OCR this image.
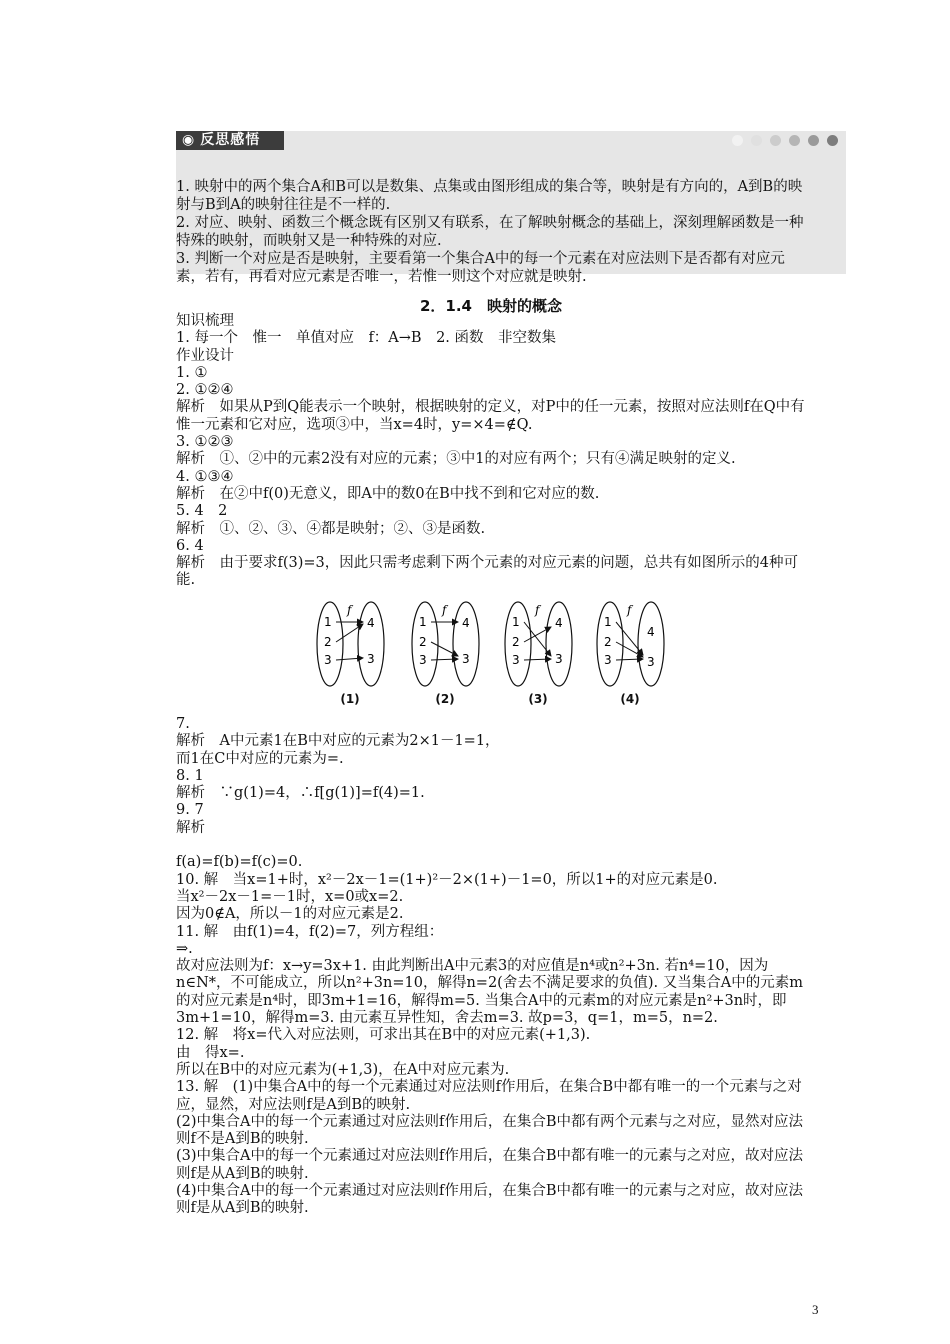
◉ 反思感悟

1. 映射中的两个集合A和B可以是数集、点集或由图形组成的集合等，映射是有方向的，A到B的映射与B到A的映射往往是不一样的.

2. 对应、映射、函数三个概念既有区别又有联系，在了解映射概念的基础上，深刻理解函数是一种特殊的映射，而映射又是一种特殊的对应.

3. 判断一个对应是否是映射，主要看第一个集合A中的每一个元素在对应法则下是否都有对应元素，若有，再看对应元素是否唯一，若惟一则这个对应就是映射.

2．1.4　映射的概念

知识梳理

1. 每一个　惟一　单值对应　f：A→B　2. 函数　非空数集

作业设计

1. ①

2. ①②④

解析　如果从P到Q能表示一个映射，根据映射的定义，对P中的任一元素，按照对应法则f在Q中有惟一元素和它对应，选项③中，当x=4时，y=×4=∉Q.

3. ①②③

解析　①、②中的元素2没有对应的元素；③中1的对应有两个；只有④满足映射的定义.

4. ①③④

解析　在②中f(0)无意义，即A中的数0在B中找不到和它对应的数.

5. 4　2

解析　①、②、③、④都是映射；②、③是函数.

6. 4

解析　由于要求f(3)=3，因此只需考虑剩下两个元素的对应元素的问题，总共有如图所示的4种可能.

1
2
3
4
3
f
(1)
1
2
3
4
3
f
(2)
1
2
3
4
3
f
(3)
1
2
3
4
3
f
(4)

7.

解析　A中元素1在B中对应的元素为2×1－1=1，

而1在C中对应的元素为=.

8. 1

解析　∵g(1)=4，∴f[g(1)]=f(4)=1.

9. 7

解析

f(a)=f(b)=f(c)=0.

10. 解　当x=1+时，x²－2x－1=(1+)²－2×(1+)－1=0，所以1+的对应元素是0.

当x²－2x－1=－1时，x=0或x=2.

因为0∉A，所以－1的对应元素是2.

11. 解　由f(1)=4，f(2)=7，列方程组：

⇒.

故对应法则为f：x→y=3x+1. 由此判断出A中元素3的对应值是n⁴或n²+3n. 若n⁴=10，因为n∈N*，不可能成立，所以n²+3n=10，解得n=2(舍去不满足要求的负值). 又当集合A中的元素m的对应元素是n⁴时，即3m+1=16，解得m=5. 当集合A中的元素m的对应元素是n²+3n时，即3m+1=10，解得m=3. 由元素互异性知，舍去m=3. 故p=3，q=1，m=5，n=2.

12. 解　将x=代入对应法则，可求出其在B中的对应元素(+1,3).

由　得x=.

所以在B中的对应元素为(+1,3)，在A中对应元素为.

13. 解　(1)中集合A中的每一个元素通过对应法则f作用后，在集合B中都有唯一的一个元素与之对应，显然，对应法则f是A到B的映射.

(2)中集合A中的每一个元素通过对应法则f作用后，在集合B中都有两个元素与之对应，显然对应法则f不是A到B的映射.

(3)中集合A中的每一个元素通过对应法则f作用后，在集合B中都有唯一的元素与之对应，故对应法则f是从A到B的映射.

(4)中集合A中的每一个元素通过对应法则f作用后，在集合B中都有唯一的元素与之对应，故对应法则f是从A到B的映射.

3
